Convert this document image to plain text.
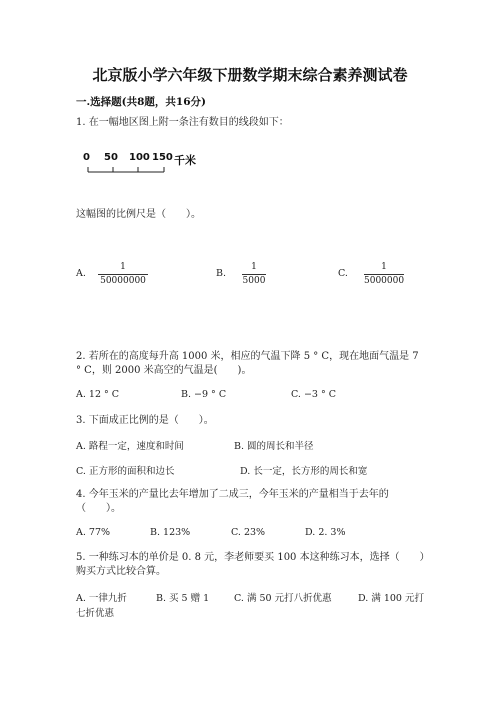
北京版小学六年级下册数学期末综合素养测试卷
一.选择题(共8题，共16分)
1. 在一幅地区图上附一条注有数目的线段如下：
0 50 100 150 千米
这幅图的比例尺是（　　）。
A.
1
50000000
B.
1
5000
C.
1
5000000
2. 若所在的高度每升高 1000 米，相应的气温下降 5 ° C，现在地面气温是 7
° C，则 2000 米高空的气温是(　　)。
A. 12 ° C	B. −9 ° C	C. −3 ° C
3. 下面成正比例的是（　　）。
A. 路程一定，速度和时间	B. 圆的周长和半径
C. 正方形的面积和边长	D. 长一定，长方形的周长和宽
4. 今年玉米的产量比去年增加了二成三，今年玉米的产量相当于去年的
（　　）。
A. 77%	B. 123%	C. 23%	D. 2. 3%
5. 一种练习本的单价是 0. 8 元，李老师要买 100 本这种练习本，选择（　　）
购买方式比较合算。
A. 一律九折	B. 买 5 赠 1	C. 满 50 元打八折优惠	D. 满 100 元打
七折优惠
